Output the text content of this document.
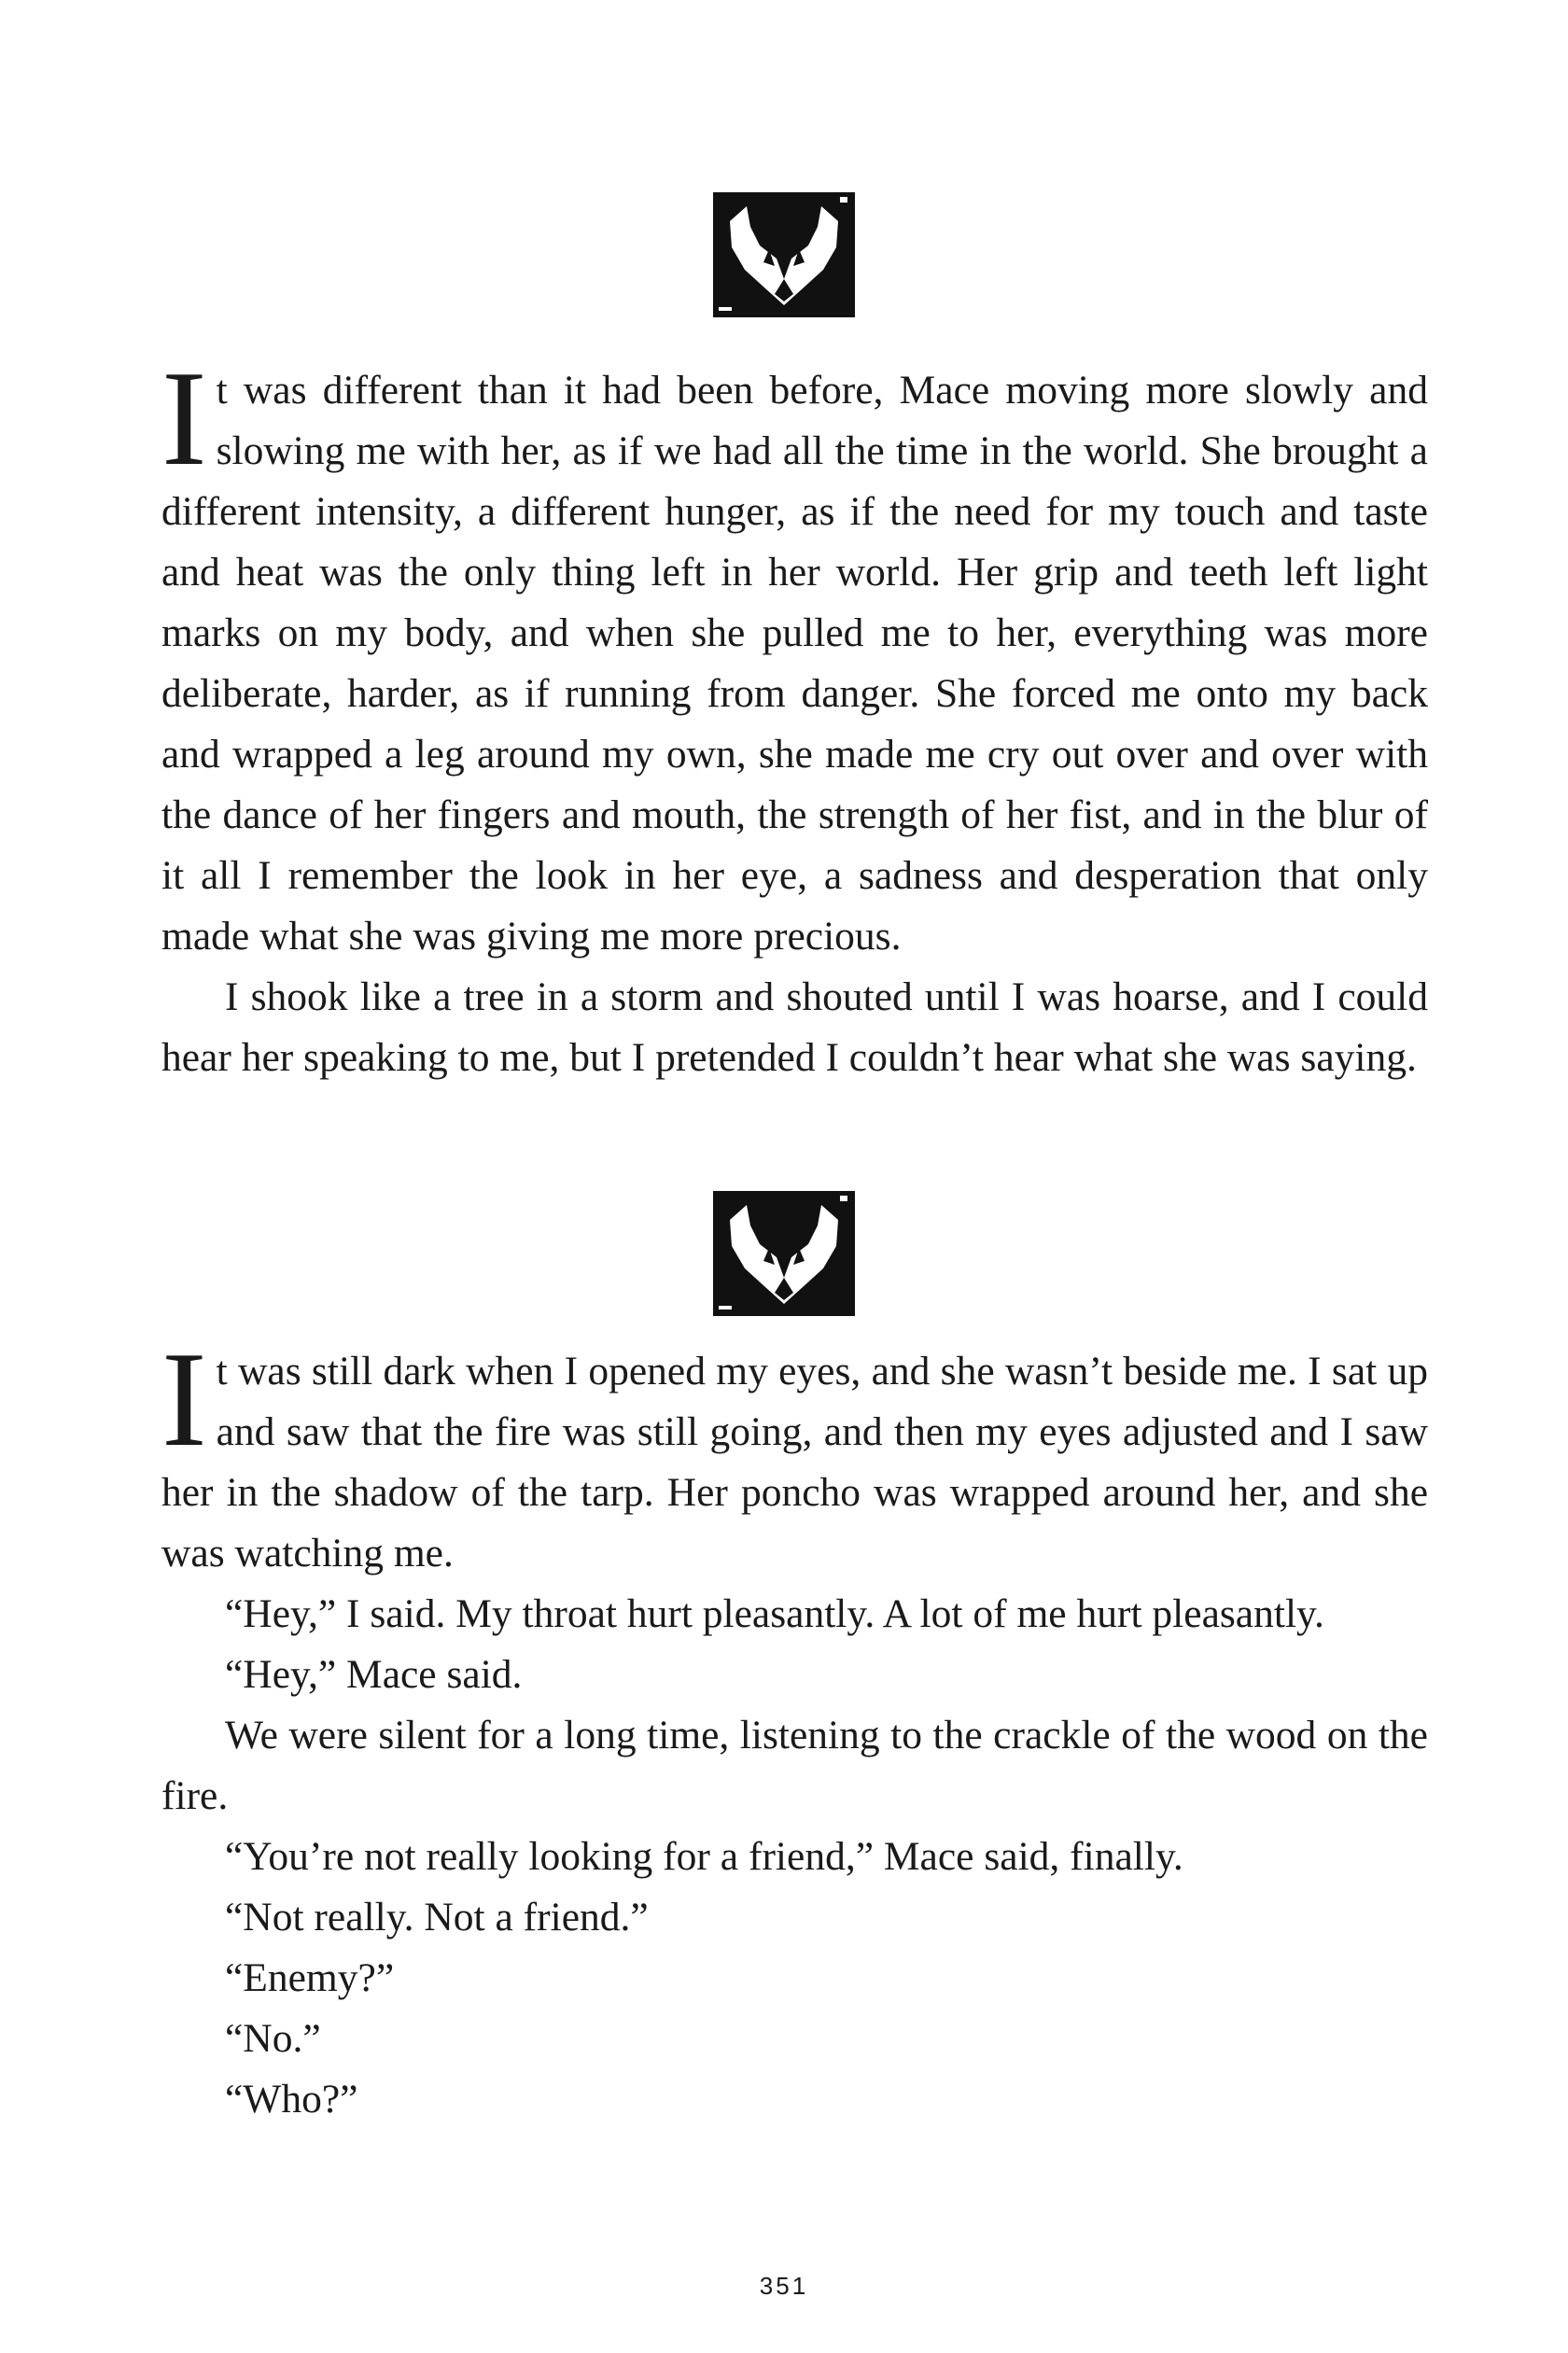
It was different than it had been before, Mace moving more slowly and slowing me with her, as if we had all the time in the world. She brought a different intensity, a different hunger, as if the need for my touch and taste and heat was the only thing left in her world. Her grip and teeth left light marks on my body, and when she pulled me to her, everything was more deliberate, harder, as if running from danger. She forced me onto my back and wrapped a leg around my own, she made me cry out over and over with the dance of her fingers and mouth, the strength of her fist, and in the blur of it all I remember the look in her eye, a sadness and desperation that only made what she was giving me more precious.

I shook like a tree in a storm and shouted until I was hoarse, and I could hear her speaking to me, but I pretended I couldn’t hear what she was saying.

It was still dark when I opened my eyes, and she wasn’t beside me. I sat up and saw that the fire was still going, and then my eyes adjusted and I saw her in the shadow of the tarp. Her poncho was wrapped around her, and she was watching me.

“Hey,” I said. My throat hurt pleasantly. A lot of me hurt pleasantly.

“Hey,” Mace said.

We were silent for a long time, listening to the crackle of the wood on the fire.

“You’re not really looking for a friend,” Mace said, finally.

“Not really. Not a friend.”

“Enemy?”

“No.”

“Who?”

351
